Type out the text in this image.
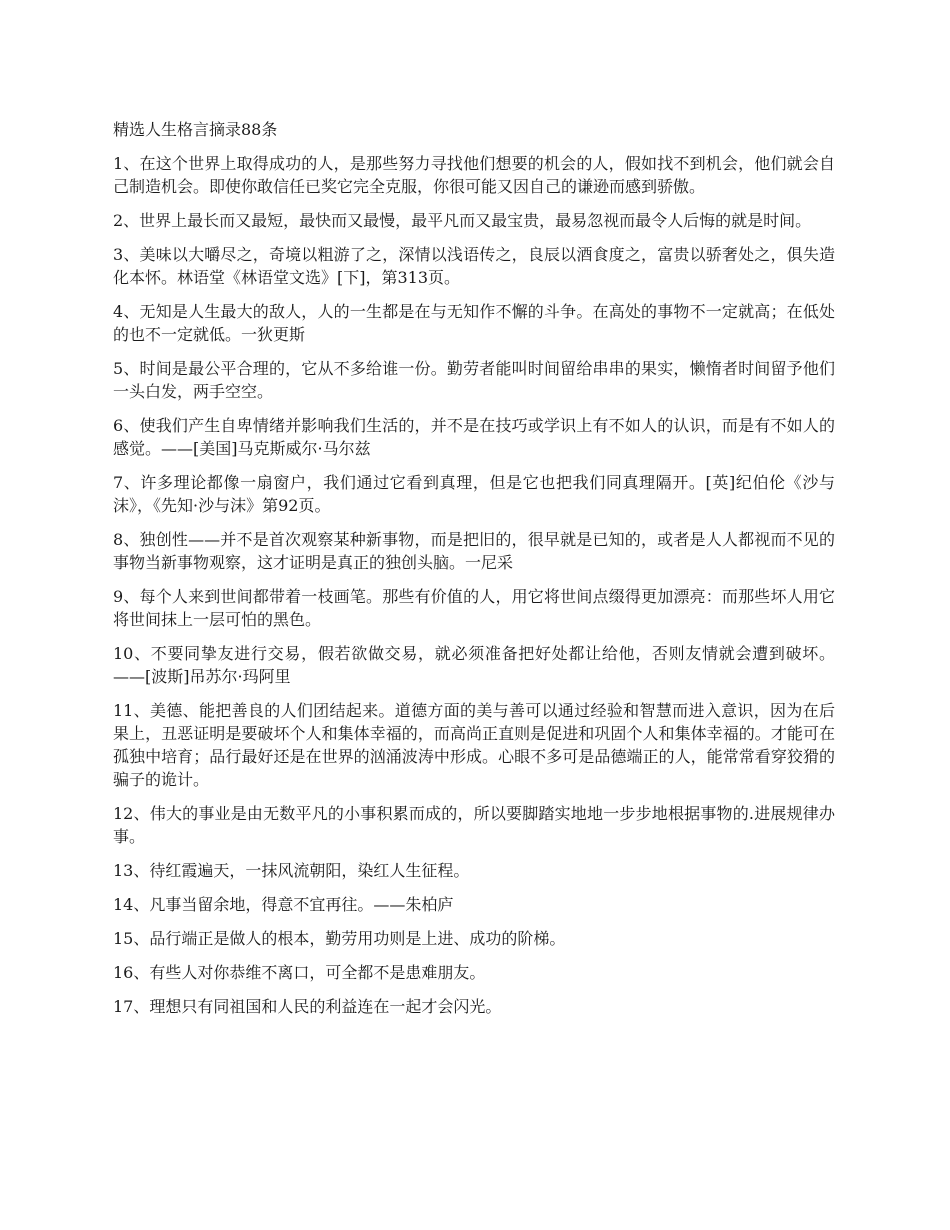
精选人生格言摘录88条

1、在这个世界上取得成功的人，是那些努力寻找他们想要的机会的人，假如找不到机会，他们就会自己制造机会。即使你敢信任已奖它完全克服，你很可能又因自己的谦逊而感到骄傲。

2、世界上最长而又最短，最快而又最慢，最平凡而又最宝贵，最易忽视而最令人后悔的就是时间。

3、美味以大嚼尽之，奇境以粗游了之，深情以浅语传之，良辰以酒食度之，富贵以骄奢处之，俱失造化本怀。林语堂《林语堂文选》[下]，第313页。

4、无知是人生最大的敌人，人的一生都是在与无知作不懈的斗争。在高处的事物不一定就高；在低处的也不一定就低。一狄更斯

5、时间是最公平合理的，它从不多给谁一份。勤劳者能叫时间留给串串的果实，懒惰者时间留予他们一头白发，两手空空。

6、使我们产生自卑情绪并影响我们生活的，并不是在技巧或学识上有不如人的认识，而是有不如人的感觉。——[美国]马克斯威尔·马尔兹

7、许多理论都像一扇窗户，我们通过它看到真理，但是它也把我们同真理隔开。[英]纪伯伦《沙与沫》，《先知·沙与沫》第92页。

8、独创性——并不是首次观察某种新事物，而是把旧的，很早就是已知的，或者是人人都视而不见的事物当新事物观察，这才证明是真正的独创头脑。一尼采

9、每个人来到世间都带着一枝画笔。那些有价值的人，用它将世间点缀得更加漂亮：而那些坏人用它将世间抹上一层可怕的黑色。

10、不要同挚友进行交易，假若欲做交易，就必须准备把好处都让给他，否则友情就会遭到破坏。——[波斯]吊苏尔·玛阿里

11、美德、能把善良的人们团结起来。道德方面的美与善可以通过经验和智慧而进入意识，因为在后果上，丑恶证明是要破坏个人和集体幸福的，而高尚正直则是促进和巩固个人和集体幸福的。才能可在孤独中培育；品行最好还是在世界的汹涌波涛中形成。心眼不多可是品德端正的人，能常常看穿狡猾的骗子的诡计。

12、伟大的事业是由无数平凡的小事积累而成的，所以要脚踏实地地一步步地根据事物的.进展规律办事。

13、待红霞遍天，一抹风流朝阳，染红人生征程。

14、凡事当留余地，得意不宜再往。——朱柏庐

15、品行端正是做人的根本，勤劳用功则是上进、成功的阶梯。

16、有些人对你恭维不离口，可全都不是患难朋友。

17、理想只有同祖国和人民的利益连在一起才会闪光。
